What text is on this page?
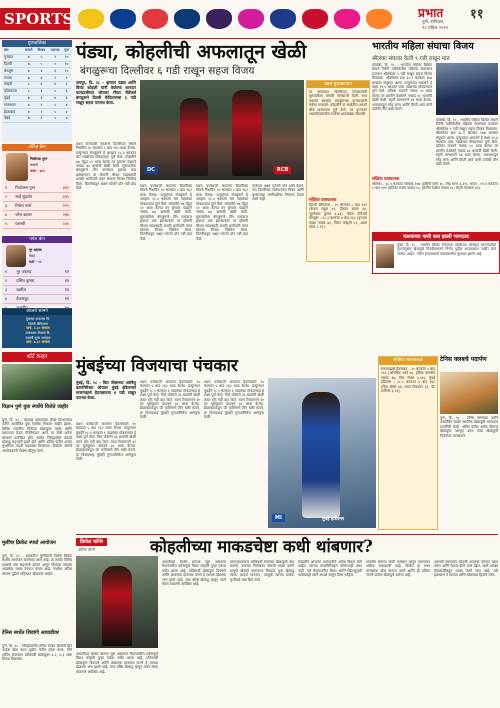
SPORTS	प्रभात ११
पुणे, शनिवार,
१८ एप्रिल २०२५
गुणतालिका
संघ	सामने	विजय	पराभव	गुण
गुजरात	७	५	२	१०
दिल्ली	७	५	२	१०
बंगळुरू	७	४	३	१०
पंजाब	७	४	२	९
लखनौ	८	४	४	८
कोलकाता	८	३	५	६
मुंबई	७	३	४	६
राजस्थान	७	२	५	४
हैदराबाद	७	२	५	४
चेन्नई	७	२	५	४
ऑरेंज कॅप
निकोलस पुरन
लखनौ
धावा - ३४९
१	निकोलस पुरन	३४९
२	साई सुदर्शन	३३९
३	मिचेल मार्श	२९९
४	जोस बटलर	२४४
५	यशस्वी	२३५
पर्पल कॅप
नूर अहमद
चेन्नई
बळी - १२
१	नूर अहमद	१२
२	प्रसिध कृष्णा	१२
३	खलील	११
४	हेजलवूड	११

आजचे सामने
गुजरात टायटन्स वि.
दिल्ली कॅपिटल्स
सायं. ३.३० वाजता
राजस्थान रॉयल्स वि.
लखनौ सुपर जायंट्स
सायं. ७.३० वाजता
पंड्या, कोहलीची अफलातून खेळी
बंगळुरूचा दिल्लीवर ६ गडी राखून सहज विजय
जयपूर, दि. १८ - कृणाल पंड्या आणि विराट कोहली यांनी केलेल्या शानदार फलंदाजीच्या जोरावर रॉयल चॅलेंजर्स बंगळुरूने दिल्ली कॅपिटल्सचा ६ गडी राखून सहज पराभव केला.
प्रथम फलंदाजी करताना दिल्लीच्या संघाने निर्धारित २० षटकांत ८ बाद १६२ धावा केल्या. प्रत्युत्तरात बंगळुरूने हे आव्हान १८.३ षटकांत चार गड्यांच्या मोबदल्यात पूर्ण केले. कोहलीने ४७ चेंडूत ५१ धावा केल्या तर कृणाल पंड्याने नाबाद ७३ धावांची खेळी केली. सुरुवातीला बंगळुरूचे तीन फलंदाज झटपट बाद झाल्यानंतर या दोघांनी चौथ्या गड्यासाठी शतकी भागीदारी करत संघाचा विजय निश्चित केला. दिल्लीकडून अक्षर पटेलने दोन गडी बाद केले.
DC	RCB
प्रथम फलंदाजी करताना दिल्लीच्या संघाने निर्धारित २० षटकांत ८ बाद १६२ धावा केल्या. प्रत्युत्तरात बंगळुरूने हे आव्हान १८.३ षटकांत चार गड्यांच्या मोबदल्यात पूर्ण केले. कोहलीने ४७ चेंडूत ५१ धावा केल्या तर कृणाल पंड्याने नाबाद ७३ धावांची खेळी केली. सुरुवातीला बंगळुरूचे तीन फलंदाज झटपट बाद झाल्यानंतर या दोघांनी चौथ्या गड्यासाठी शतकी भागीदारी करत संघाचा विजय निश्चित केला. दिल्लीकडून अक्षर पटेलने दोन गडी बाद केले.
प्रथम फलंदाजी करताना दिल्लीच्या संघाने निर्धारित २० षटकांत ८ बाद १६२ धावा केल्या. प्रत्युत्तरात बंगळुरूने हे आव्हान १८.३ षटकांत चार गड्यांच्या मोबदल्यात पूर्ण केले. कोहलीने ४७ चेंडूत ५१ धावा केल्या तर कृणाल पंड्याने नाबाद ७३ धावांची खेळी केली. सुरुवातीला बंगळुरूचे तीन फलंदाज झटपट बाद झाल्यानंतर या दोघांनी चौथ्या गड्यासाठी शतकी भागीदारी करत संघाचा विजय निश्चित केला. दिल्लीकडून अक्षर पटेलने दोन गडी बाद केले.
कर्णधार अक्षर पटेलने दोन बळी घेतले, पण दिल्लीच्या गोलंदाजांना विराट आणि कृणालच्या भागीदारीवर नियंत्रण ठेवता आले नाही.
खास मुकाबल्यात
या सामन्यात दिल्लीच्या गोलंदाजांनी सुरुवातीला चांगली गोलंदाजी केली. मात्र मधल्या षटकांत बंगळुरूच्या फलंदाजांनी वर्चस्व गाजवले. कोहलीने या स्पर्धेतील आपले चौथे अर्धशतक पूर्ण केले. तर कृणालने आयपीएलमधील सर्वोच्च धावसंख्या नोंदवली.
संक्षिप्त धावफलक
दिल्ली कॅपिटल्स - २० षटकांत ८ बाद १६२ (केएल राहुल ४१, ट्रिस्टन स्टब्स ३४, भुवनेश्वर कुमार ३-३३). रॉयल चॅलेंजर्स बंगळुरू - १८.३ षटकांत ४ बाद १६५ (कृणाल पंड्या नाबाद ७३, विराट कोहली ५१, अक्षर पटेल २-१९).
भारतीय महिला संघाचा विजय
श्रीलंका संघावर केली ९ गडी राखून मात
कोलंबो, दि. १८ - भारतीय महिला क्रिकेट संघाने तिरंगी मालिकेतील पहिल्या सामन्यात यजमान श्रीलंकेवर ९ गडी राखून सहज विजय मिळवला. श्रीलंकेचा डाव ३८.१ षटकांत १४७ धावांवर संपुष्टात आला. प्रत्युत्तरात भारताने हे लक्ष्य २९.४ षटकांत एका गड्याच्या मोबदल्यात पूर्ण केले. प्रतिका रावलने नाबाद ५० धावा केल्या तर हरलीन देओलने नाबाद ४८ धावांची खेळी केली. स्मृती मानधनाने ४३ धावा केल्या. भारताकडून स्नेह राणा आणि दीप्ती शर्मा यांनी प्रत्येकी तीन बळी घेतले.
कोलंबो, दि. १८ - भारतीय महिला क्रिकेट संघाने तिरंगी मालिकेतील पहिल्या सामन्यात यजमान श्रीलंकेवर ९ गडी राखून सहज विजय मिळवला. श्रीलंकेचा डाव ३८.१ षटकांत १४७ धावांवर संपुष्टात आला. प्रत्युत्तरात भारताने हे लक्ष्य २९.४ षटकांत एका गड्याच्या मोबदल्यात पूर्ण केले. प्रतिका रावलने नाबाद ५० धावा केल्या तर हरलीन देओलने नाबाद ४८ धावांची खेळी केली. स्मृती मानधनाने ४३ धावा केल्या. भारताकडून स्नेह राणा आणि दीप्ती शर्मा यांनी प्रत्येकी तीन बळी घेतले.
संक्षिप्त धावफलक
श्रीलंका - ३८.१ षटकांत सर्वबाद १४७ (हसिनी परेरा ३०, स्नेह राणा ३-३१). भारत - २९.४ षटकांत १ बाद १४९ (प्रतिका रावल नाबाद ५०, हरलीन देओल नाबाद ४८, स्मृती मानधना ४३).
पालकच्या नासी कश इडली भरगटला
मुंबई, दि. १८ - भारतीय क्रिकेट नियामक मंडळाच्या अधिकृत सामन्यातील सूचनांनुसार खेळाडूंचे निवडीबाबतचे निर्णय पुढील आठवड्यात जाहीर केले जाणार आहेत. नवीन हंगामासाठी संघबांधणीस सुरुवात झाली आहे.
शॉर्ट कव्हर	मुंबईच्या विजयाचा पंचकार
मुंबई, दि. १८ - विल जॅक्सच्या अष्टपैलू कामगिरीच्या जोरावर मुंबई इंडियन्सने सनरायझर्स हैदराबादचा ४ गडी राखून पराभव केला.
प्रथम फलंदाजी करताना हैदराबादने २० षटकांत ५ बाद १६२ धावा केल्या. प्रत्युत्तरात मुंबईने १८.१ षटकांत ६ गड्यांच्या मोबदल्यात हे लक्ष्य पूर्ण केले. विल जॅक्सने ३६ धावांची खेळी करत दोन गडी बाद केले. रायन रिकल्टनने ३१ तर सूर्यकुमार यादवने २६ धावा केल्या. हैदराबादकडून पॅट कमिन्सने तीन बळी घेतले. या विजयासह मुंबईने गुणतालिकेत आगेकूच केली.
प्रथम फलंदाजी करताना हैदराबादने २० षटकांत ५ बाद १६२ धावा केल्या. प्रत्युत्तरात मुंबईने १८.१ षटकांत ६ गड्यांच्या मोबदल्यात हे लक्ष्य पूर्ण केले. विल जॅक्सने ३६ धावांची खेळी करत दोन गडी बाद केले. रायन रिकल्टनने ३१ तर सूर्यकुमार यादवने २६ धावा केल्या. हैदराबादकडून पॅट कमिन्सने तीन बळी घेतले. या विजयासह मुंबईने गुणतालिकेत आगेकूच केली.
प्रथम फलंदाजी करताना हैदराबादने २० षटकांत ५ बाद १६२ धावा केल्या. प्रत्युत्तरात मुंबईने १८.१ षटकांत ६ गड्यांच्या मोबदल्यात हे लक्ष्य पूर्ण केले. विल जॅक्सने ३६ धावांची खेळी करत दोन गडी बाद केले. रायन रिकल्टनने ३१ तर सूर्यकुमार यादवने २६ धावा केल्या. हैदराबादकडून पॅट कमिन्सने तीन बळी घेतले. या विजयासह मुंबईने गुणतालिकेत आगेकूच केली.
MI	मुंबई इंडियन्स
संक्षिप्त धावफलक
सनरायझर्स हैदराबाद - २० षटकांत ५ बाद १६२ (अभिषेक शर्मा ४०, हेन्रिक क्लासेन नाबाद ३७, विल जॅक्स २-१४). मुंबई इंडियन्स - १८.१ षटकांत ६ बाद १६६ (विल जॅक्स ३६, रायन रिकल्टन ३१, पॅट कमिन्स ३-२६).
टेनिस क्लबचे पदार्पण
पुणे, दि. १८ - टेनिस क्लबच्या वतीने आयोजित स्पर्धेत स्थानिक खेळाडूंनी चमकदार कामगिरी केली. अंतिम फेरीत अनेक दिग्गज खेळाडूंना पराभूत करत नव्या खेळाडूंनी विजेतेपद पटकावले.
विज्ञान पुणे युवा स्पर्धेचे विजेते जाहीर
पुणे, दि. १८ - महाराष्ट्र शासनाच्या क्रीडा विभागाच्या वतीने आयोजित युवा स्पर्धेचा निकाल जाहीर झाला. विविध गटांतील विजेत्या खेळाडूंना पदके आणि प्रमाणपत्र देऊन गौरविण्यात आले. या वेळी अनेक मान्यवर उपस्थित होते. स्पर्धेत जिल्ह्यातील शेकडो खेळाडू सहभागी झाले होते आणि अंतिम फेरीत अत्यंत चुरशीच्या लढती पाहायला मिळाल्या. विजेत्या संघांचे आयोजकांनी विशेष कौतुक केले.
मुलींचा क्रिकेट स्पर्धा आयोजन
पुणे, दि. १८ - शहरातील मुलींसाठी विशेष क्रिकेट स्पर्धेचे आयोजन करण्यात आले आहे. या स्पर्धेत विविध शाळांचे संघ सहभागी होणार असून विजेत्या संघाला आकर्षक चषक देण्यात येणार आहे. स्पर्धेचा अंतिम सामना पुढील महिन्यात खेळवला जाईल.
टेनिस स्पर्धेत शिवांगी आघाडीवर
पुणे, दि. १८ - जिल्हास्तरीय टेनिस स्पर्धेत शिवांगी हिने उत्कृष्ट खेळ करत पुढील फेरीत प्रवेश केला. तिने अंतिम सामन्यात प्रतिस्पर्धी खेळाडूवर ६-२, ६-३ असा विजय मिळवला.
क्रिकेट कॉर्नर
अमित डोंगरे	कोहलीच्या माकडचेष्टा कधी थांबणार?
आयपीएल स्पर्धेत सामना सुरू असताना मैदानावरील वर्तनामुळे विराट कोहली पुन्हा एकदा चर्चेत आला आहे. प्रतिस्पर्धी खेळाडूंना डिवचणे आणि आक्रमक हावभाव करणे हे त्याच्या खेळाचा भाग झाले आहे. मात्र वरिष्ठ खेळाडू म्हणून त्याने संयम बाळगणे अपेक्षित आहे.
सामन्यादरम्यान प्रतिस्पर्धी संघाच्या खेळाडूंशी वाद घालणे, पंचांच्या निर्णयावर नाराजी व्यक्त करणे यामुळे खेळाचे वातावरण बिघडते. युवा खेळाडू त्याला आदर्श मानतात, त्यामुळे त्याच्या प्रत्येक कृतीकडे लक्ष दिले जाते.
कोहलीने आपल्या फलंदाजीने अनेक विक्रम केले आहेत. त्याच्या कामगिरीबद्दल कोणालाही शंका नाही. पण मैदानावरील शिस्त आणि खिलाडूवृत्ती याबाबतही त्याने आदर्श घालून दिला पाहिजे.
भारतीय संघाचा माजी कर्णधार म्हणून त्याच्यावर अधिक जबाबदारी आहे. क्रिकेट हा सभ्य माणसांचा खेळ मानला जातो आणि ही प्रतिमा जपणे प्रत्येक खेळाडूचे कर्तव्य आहे.
आगामी सामन्यांत कोहली आपल्या वर्तनात बदल करेल आणि केवळ बॅटने उत्तर देईल, अशी अपेक्षा क्रीडाप्रेमींकडून व्यक्त केली जात आहे. तसे झाल्यास ते त्याच्या आणि खेळाच्या हिताचे ठरेल.
आयपीएल स्पर्धेत सामना सुरू असताना मैदानावरील वर्तनामुळे विराट कोहली पुन्हा एकदा चर्चेत आला आहे. प्रतिस्पर्धी खेळाडूंना डिवचणे आणि आक्रमक हावभाव करणे हे त्याच्या खेळाचा भाग झाले आहे. मात्र वरिष्ठ खेळाडू म्हणून त्याने संयम बाळगणे अपेक्षित आहे.
